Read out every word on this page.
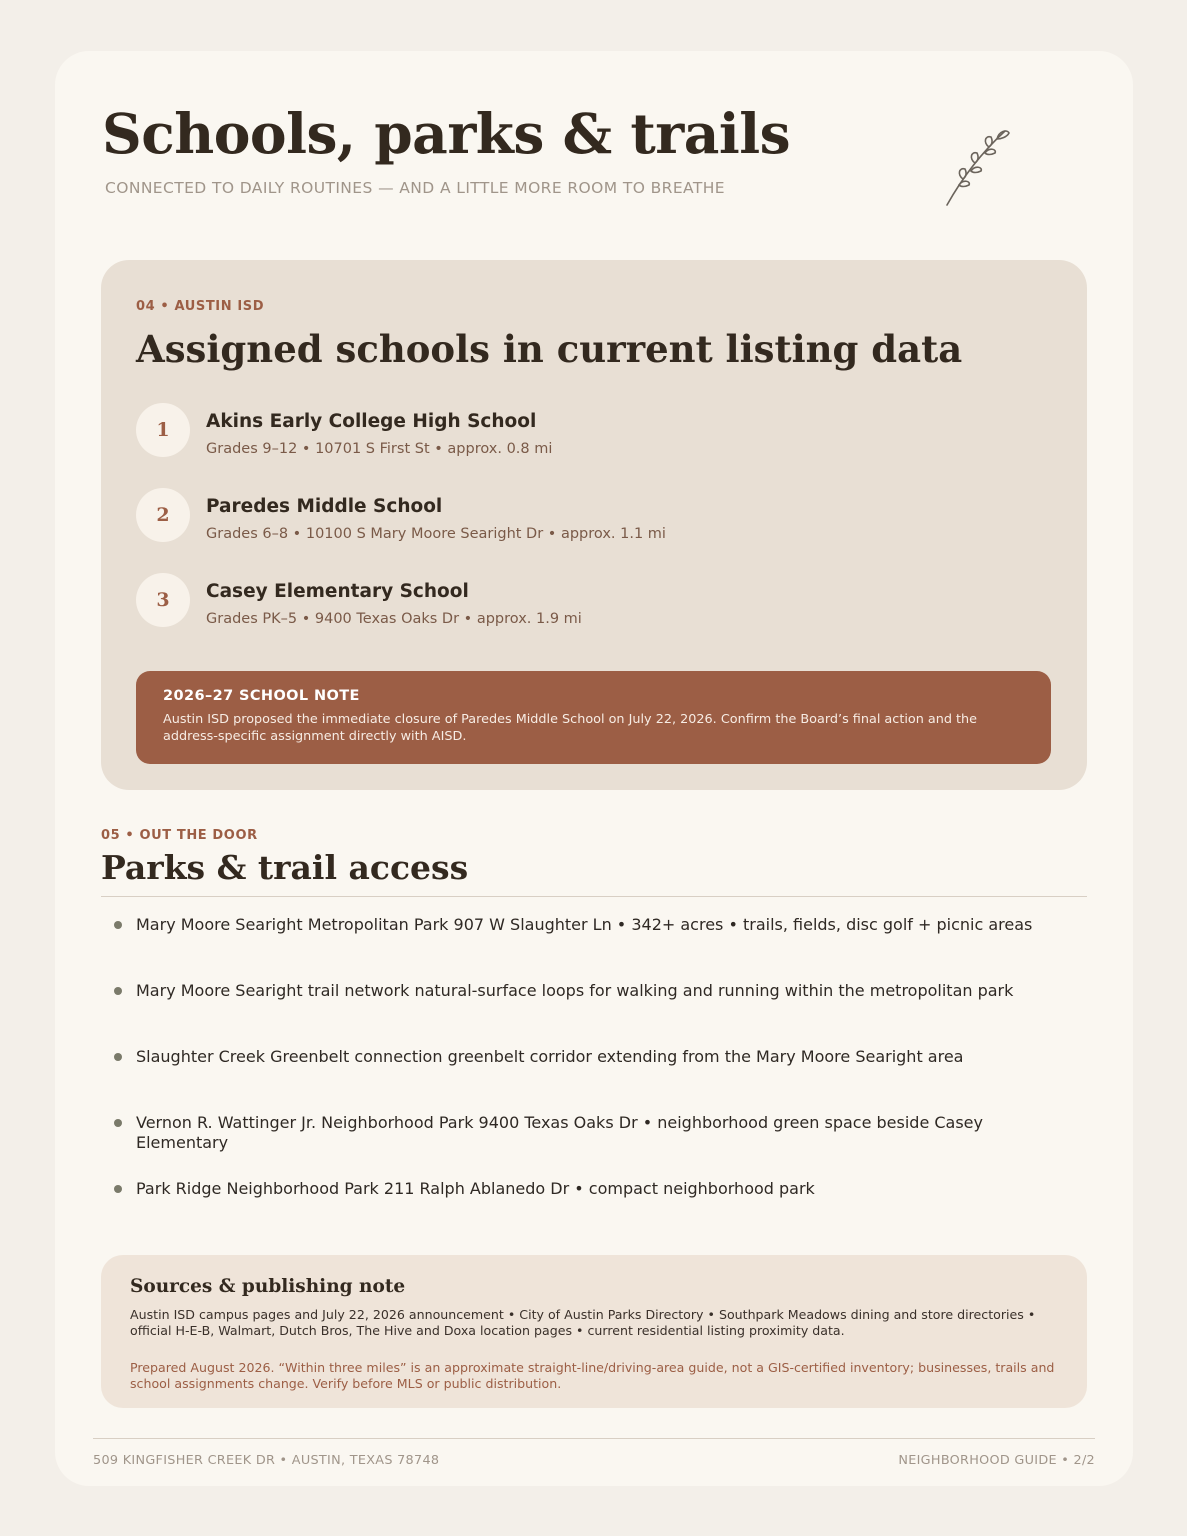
Schools, parks & trails
CONNECTED TO DAILY ROUTINES — AND A LITTLE MORE ROOM TO BREATHE
04 • AUSTIN ISD
Assigned schools in current listing data
1	Akins Early College High School
Grades 9–12 • 10701 S First St • approx. 0.8 mi
2	Paredes Middle School
Grades 6–8 • 10100 S Mary Moore Searight Dr • approx. 1.1 mi
3	Casey Elementary School
Grades PK–5 • 9400 Texas Oaks Dr • approx. 1.9 mi
2026–27 SCHOOL NOTE
Austin ISD proposed the immediate closure of Paredes Middle School on July 22, 2026. Confirm the Board’s final action and the address-specific assignment directly with AISD.
05 • OUT THE DOOR
Parks & trail access
Mary Moore Searight Metropolitan Park 907 W Slaughter Ln • 342+ acres • trails, fields, disc golf + picnic areas
Mary Moore Searight trail network natural-surface loops for walking and running within the metropolitan park
Slaughter Creek Greenbelt connection greenbelt corridor extending from the Mary Moore Searight area
Vernon R. Wattinger Jr. Neighborhood Park 9400 Texas Oaks Dr • neighborhood green space beside Casey Elementary
Park Ridge Neighborhood Park 211 Ralph Ablanedo Dr • compact neighborhood park
Sources & publishing note

Austin ISD campus pages and July 22, 2026 announcement • City of Austin Parks Directory • Southpark Meadows dining and store directories • official H-E-B, Walmart, Dutch Bros, The Hive and Doxa location pages • current residential listing proximity data.

Prepared August 2026. “Within three miles” is an approximate straight-line/driving-area guide, not a GIS-certified inventory; businesses, trails and school assignments change. Verify before MLS or public distribution.

509 KINGFISHER CREEK DR • AUSTIN, TEXAS 78748	NEIGHBORHOOD GUIDE • 2/2
